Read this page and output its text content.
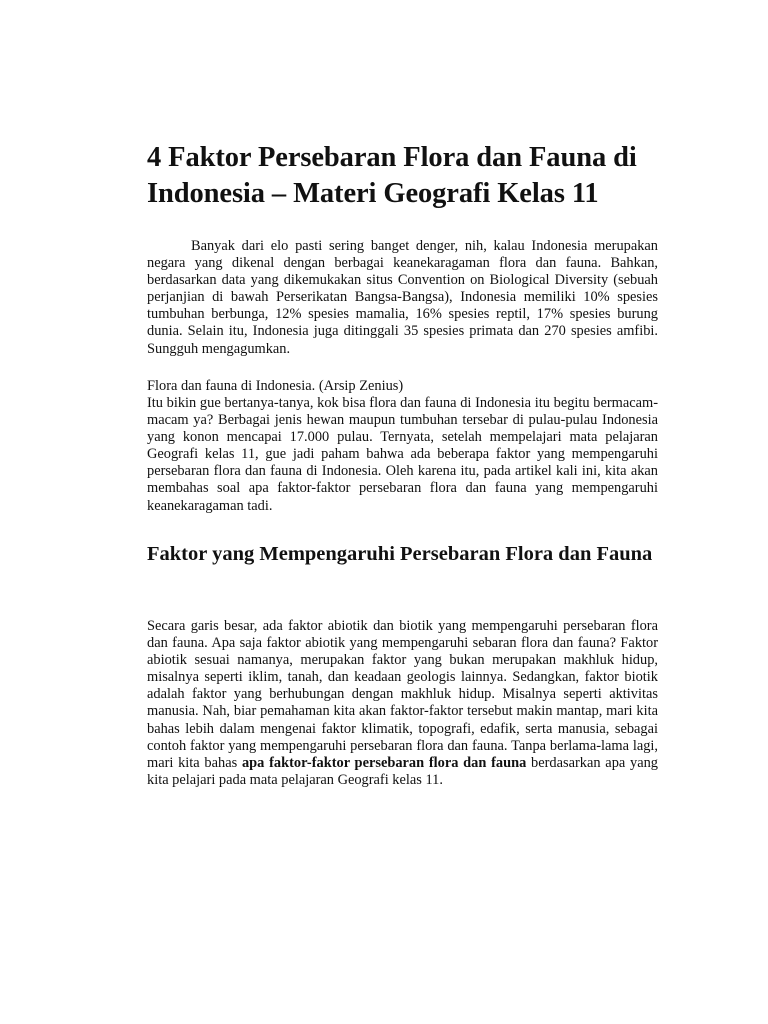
4 Faktor Persebaran Flora dan Fauna di Indonesia – Materi Geografi Kelas 11

Banyak dari elo pasti sering banget denger, nih, kalau Indonesia merupakan negara yang dikenal dengan berbagai keanekaragaman flora dan fauna. Bahkan, berdasarkan data yang dikemukakan situs Convention on Biological Diversity (sebuah perjanjian di bawah Perserikatan Bangsa-Bangsa), Indonesia memiliki 10% spesies tumbuhan berbunga, 12% spesies mamalia, 16% spesies reptil, 17% spesies burung dunia. Selain itu, Indonesia juga ditinggali 35 spesies primata dan 270 spesies amfibi. Sungguh mengagumkan.

Flora dan fauna di Indonesia. (Arsip Zenius)

Itu bikin gue bertanya-tanya, kok bisa flora dan fauna di Indonesia itu begitu bermacam-macam ya? Berbagai jenis hewan maupun tumbuhan tersebar di pulau-pulau Indonesia yang konon mencapai 17.000 pulau. Ternyata, setelah mempelajari mata pelajaran Geografi kelas 11, gue jadi paham bahwa ada beberapa faktor yang mempengaruhi persebaran flora dan fauna di Indonesia. Oleh karena itu, pada artikel kali ini, kita akan membahas soal apa faktor-faktor persebaran flora dan fauna yang mempengaruhi keanekaragaman tadi.

Faktor yang Mempengaruhi Persebaran Flora dan Fauna

Secara garis besar, ada faktor abiotik dan biotik yang mempengaruhi persebaran flora dan fauna. Apa saja faktor abiotik yang mempengaruhi sebaran flora dan fauna? Faktor abiotik sesuai namanya, merupakan faktor yang bukan merupakan makhluk hidup, misalnya seperti iklim, tanah, dan keadaan geologis lainnya. Sedangkan, faktor biotik adalah faktor yang berhubungan dengan makhluk hidup. Misalnya seperti aktivitas manusia. Nah, biar pemahaman kita akan faktor-faktor tersebut makin mantap, mari kita bahas lebih dalam mengenai faktor klimatik, topografi, edafik, serta manusia, sebagai contoh faktor yang mempengaruhi persebaran flora dan fauna. Tanpa berlama-lama lagi, mari kita bahas apa faktor-faktor persebaran flora dan fauna berdasarkan apa yang kita pelajari pada mata pelajaran Geografi kelas 11.
